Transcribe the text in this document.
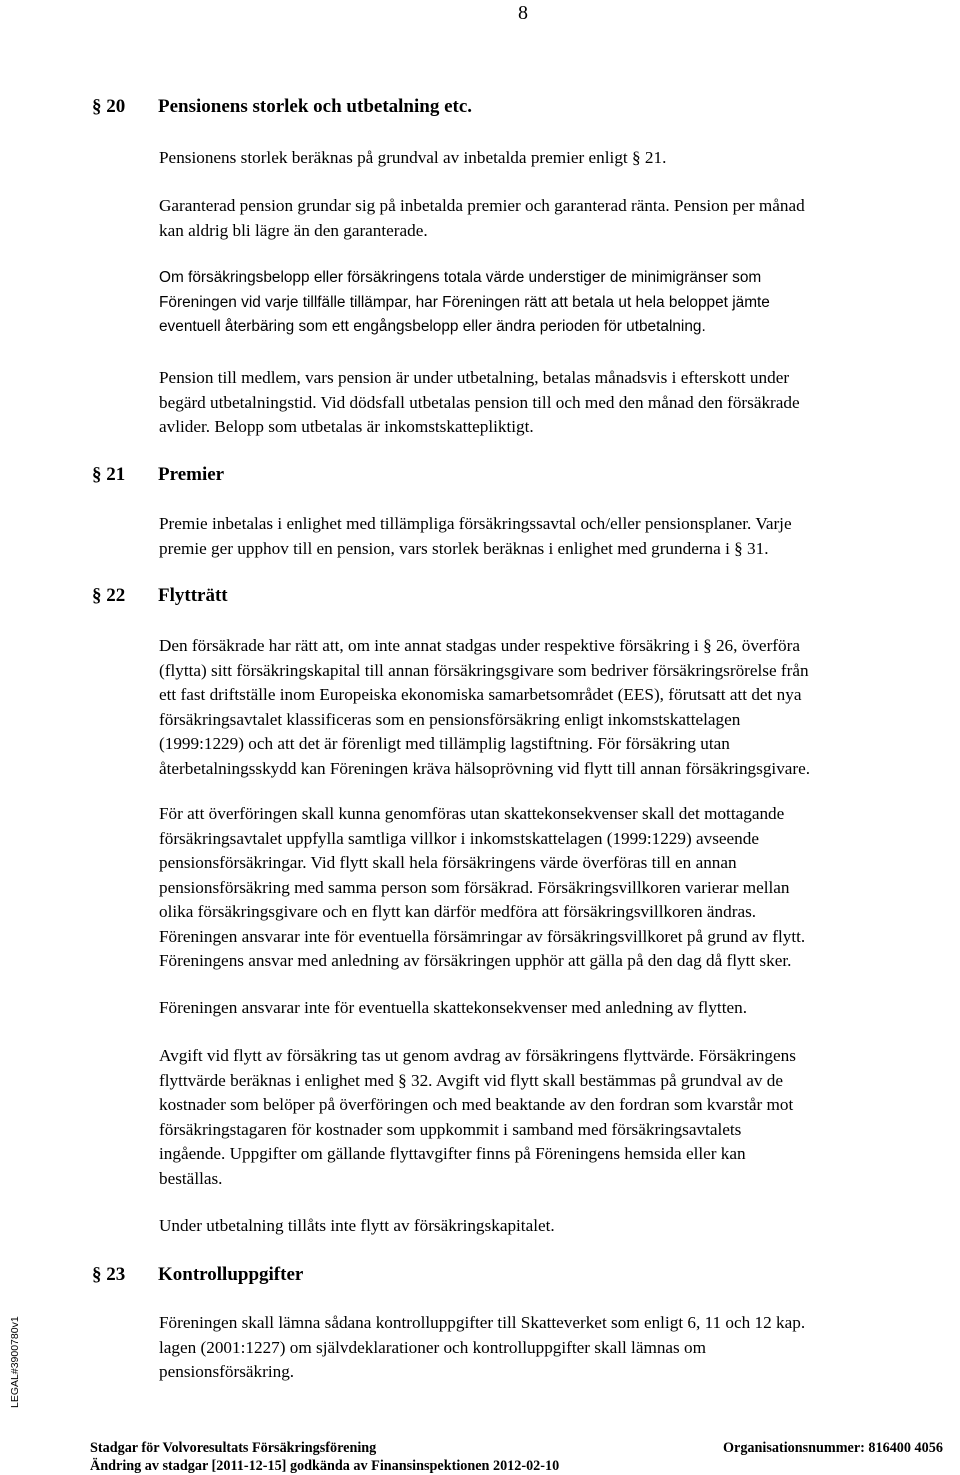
8
§ 20 Pensionens storlek och utbetalning etc.
Pensionens storlek beräknas på grundval av inbetalda premier enligt § 21.
Garanterad pension grundar sig på inbetalda premier och garanterad ränta. Pension per månad
kan aldrig bli lägre än den garanterade.
Om försäkringsbelopp eller försäkringens totala värde understiger de minimigränser som
Föreningen vid varje tillfälle tillämpar, har Föreningen rätt att betala ut hela beloppet jämte
eventuell återbäring som ett engångsbelopp eller ändra perioden för utbetalning.
Pension till medlem, vars pension är under utbetalning, betalas månadsvis i efterskott under
begärd utbetalningstid. Vid dödsfall utbetalas pension till och med den månad den försäkrade
avlider. Belopp som utbetalas är inkomstskattepliktigt.
§ 21 Premier
Premie inbetalas i enlighet med tillämpliga försäkringssavtal och/eller pensionsplaner. Varje
premie ger upphov till en pension, vars storlek beräknas i enlighet med grunderna i § 31.
§ 22 Flytträtt
Den försäkrade har rätt att, om inte annat stadgas under respektive försäkring i § 26, överföra
(flytta) sitt försäkringskapital till annan försäkringsgivare som bedriver försäkringsrörelse från
ett fast driftställe inom Europeiska ekonomiska samarbetsområdet (EES), förutsatt att det nya
försäkringsavtalet klassificeras som en pensionsförsäkring enligt inkomstskattelagen
(1999:1229) och att det är förenligt med tillämplig lagstiftning. För försäkring utan
återbetalningsskydd kan Föreningen kräva hälsoprövning vid flytt till annan försäkringsgivare.
För att överföringen skall kunna genomföras utan skattekonsekvenser skall det mottagande
försäkringsavtalet uppfylla samtliga villkor i inkomstskattelagen (1999:1229) avseende
pensionsförsäkringar. Vid flytt skall hela försäkringens värde överföras till en annan
pensionsförsäkring med samma person som försäkrad. Försäkringsvillkoren varierar mellan
olika försäkringsgivare och en flytt kan därför medföra att försäkringsvillkoren ändras.
Föreningen ansvarar inte för eventuella försämringar av försäkringsvillkoret på grund av flytt.
Föreningens ansvar med anledning av försäkringen upphör att gälla på den dag då flytt sker.
Föreningen ansvarar inte för eventuella skattekonsekvenser med anledning av flytten.
Avgift vid flytt av försäkring tas ut genom avdrag av försäkringens flyttvärde. Försäkringens
flyttvärde beräknas i enlighet med § 32. Avgift vid flytt skall bestämmas på grundval av de
kostnader som belöper på överföringen och med beaktande av den fordran som kvarstår mot
försäkringstagaren för kostnader som uppkommit i samband med försäkringsavtalets
ingående. Uppgifter om gällande flyttavgifter finns på Föreningens hemsida eller kan
beställas.
Under utbetalning tillåts inte flytt av försäkringskapitalet.
§ 23 Kontrolluppgifter
Föreningen skall lämna sådana kontrolluppgifter till Skatteverket som enligt 6, 11 och 12 kap.
lagen (2001:1227) om självdeklarationer och kontrolluppgifter skall lämnas om
pensionsförsäkring.
LEGAL#3900780v1
Stadgar för Volvoresultats Försäkringsförening	Organisationsnummer: 816400 4056
Ändring av stadgar [2011-12-15] godkända av Finansinspektionen 2012-02-10
